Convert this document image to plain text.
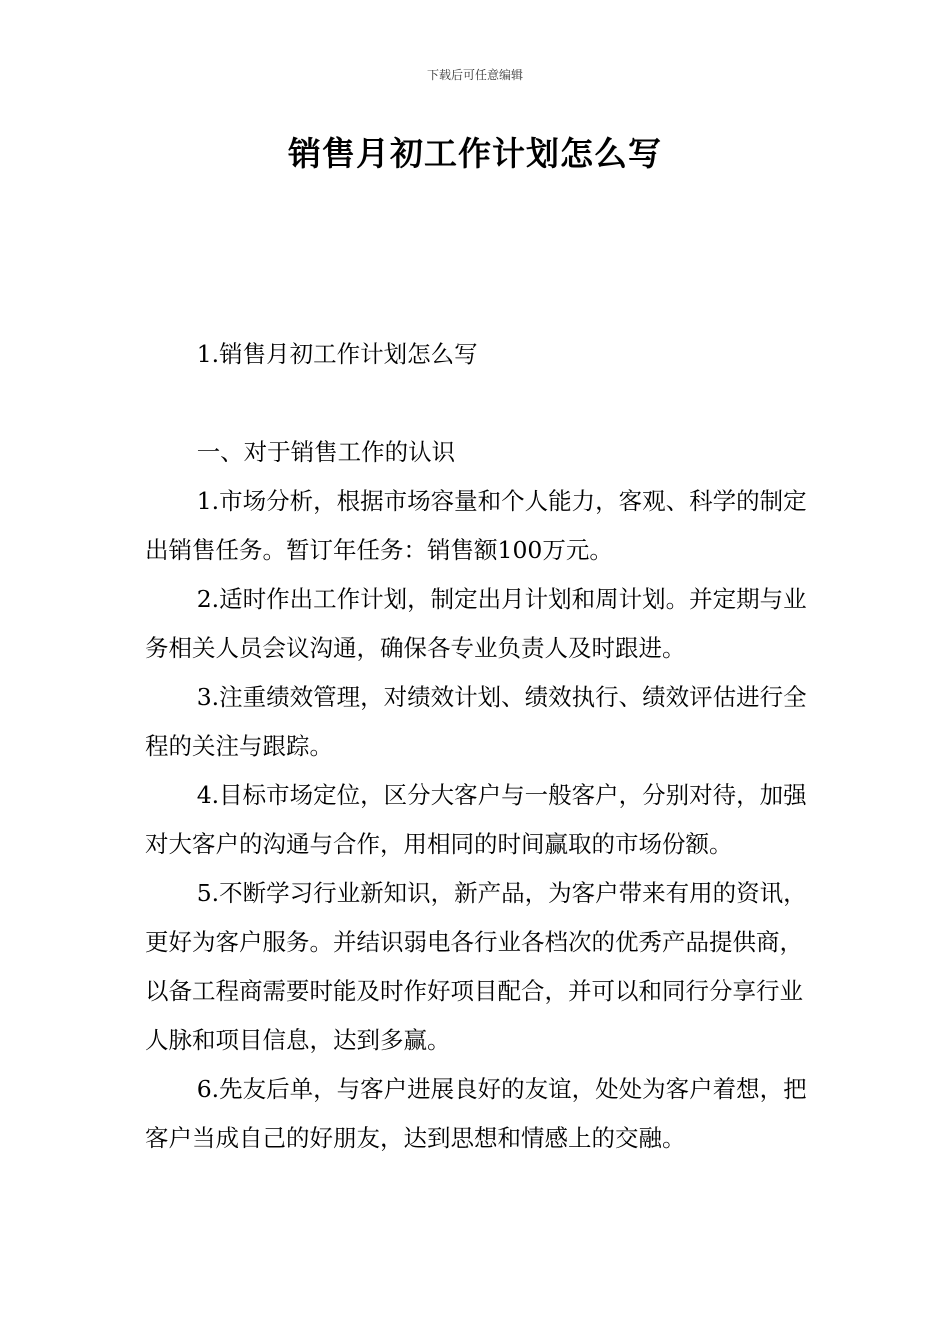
下载后可任意编辑
销售月初工作计划怎么写

1.销售月初工作计划怎么写

一、对于销售工作的认识

1.市场分析，根据市场容量和个人能力，客观、科学的制定出销售任务。暂订年任务：销售额100万元。

2.适时作出工作计划，制定出月计划和周计划。并定期与业务相关人员会议沟通，确保各专业负责人及时跟进。

3.注重绩效管理，对绩效计划、绩效执行、绩效评估进行全程的关注与跟踪。

4.目标市场定位，区分大客户与一般客户，分别对待，加强对大客户的沟通与合作，用相同的时间赢取的市场份额。

5.不断学习行业新知识，新产品，为客户带来有用的资讯，更好为客户服务。并结识弱电各行业各档次的优秀产品提供商，以备工程商需要时能及时作好项目配合，并可以和同行分享行业人脉和项目信息，达到多赢。

6.先友后单，与客户进展良好的友谊，处处为客户着想，把客户当成自己的好朋友，达到思想和情感上的交融。
